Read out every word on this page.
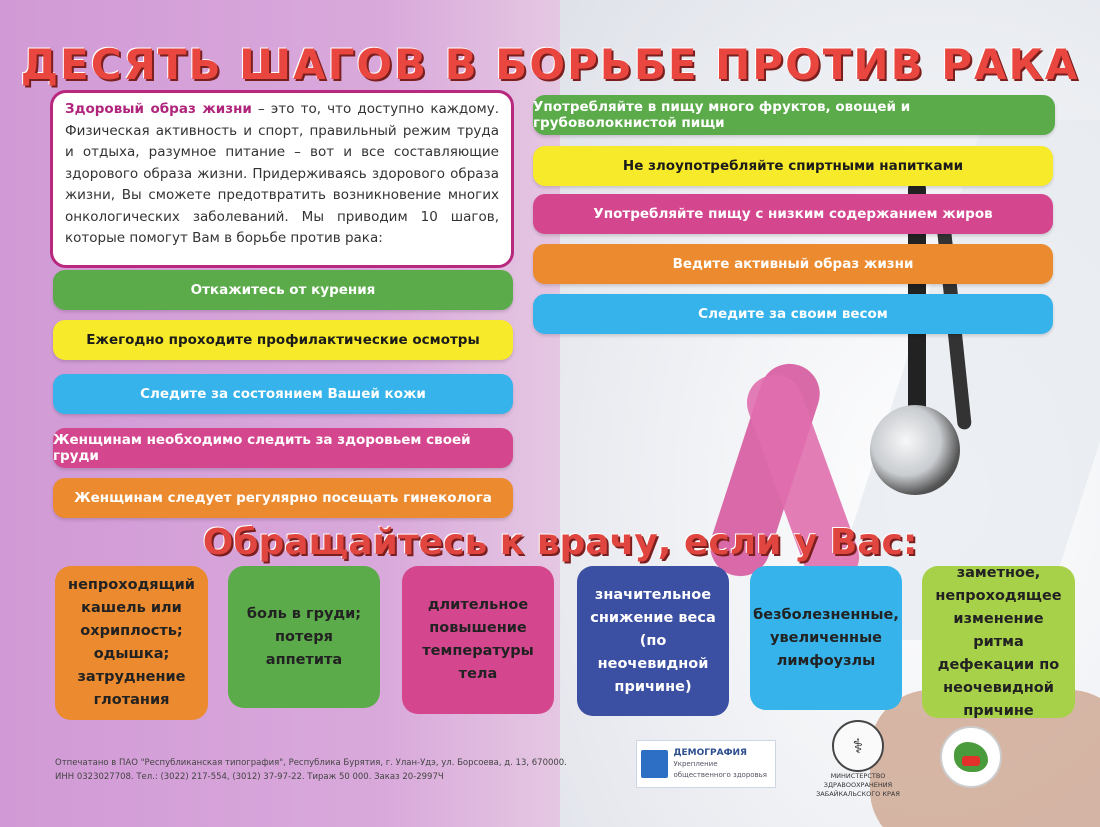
ДЕСЯТЬ ШАГОВ В БОРЬБЕ ПРОТИВ РАКА
Здоровый образ жизни – это то, что доступно каждому. Физическая активность и спорт, правильный режим труда и отдыха, разумное питание – вот и все составляющие здорового образа жизни. Придерживаясь здорового образа жизни, Вы сможете предотвратить возникновение многих онкологических заболеваний. Мы приводим 10 шагов, которые помогут Вам в борьбе против рака:
Откажитесь от курения
Ежегодно проходите профилактические осмотры
Следите за состоянием Вашей кожи
Женщинам необходимо следить за здоровьем своей груди
Женщинам следует регулярно посещать гинеколога
Употребляйте в пищу много фруктов, овощей и грубоволокнистой пищи
Не злоупотребляйте спиртными напитками
Употребляйте пищу с низким содержанием жиров
Ведите активный образ жизни
Следите за своим весом
Обращайтесь к врачу, если у Вас:
непроходящий кашель или охриплость; одышка; затруднение глотания
боль в груди; потеря аппетита
длительное повышение температуры тела
значительное снижение веса (по неочевидной причине)
безболезненные, увеличенные лимфоузлы
заметное, непроходящее изменение ритма дефекации по неочевидной причине
Отпечатано в ПАО "Республиканская типография", Республика Бурятия, г. Улан-Удэ, ул. Борсоева, д. 13, 670000.
ИНН 0323027708. Тел.: (3022) 217-554, (3012) 37-97-22. Тираж 50 000. Заказ 20-2997Ч
ДЕМОГРАФИЯ
Укрепление общественного здоровья
⚕
МИНИСТЕРСТВО ЗДРАВООХРАНЕНИЯ ЗАБАЙКАЛЬСКОГО КРАЯ
